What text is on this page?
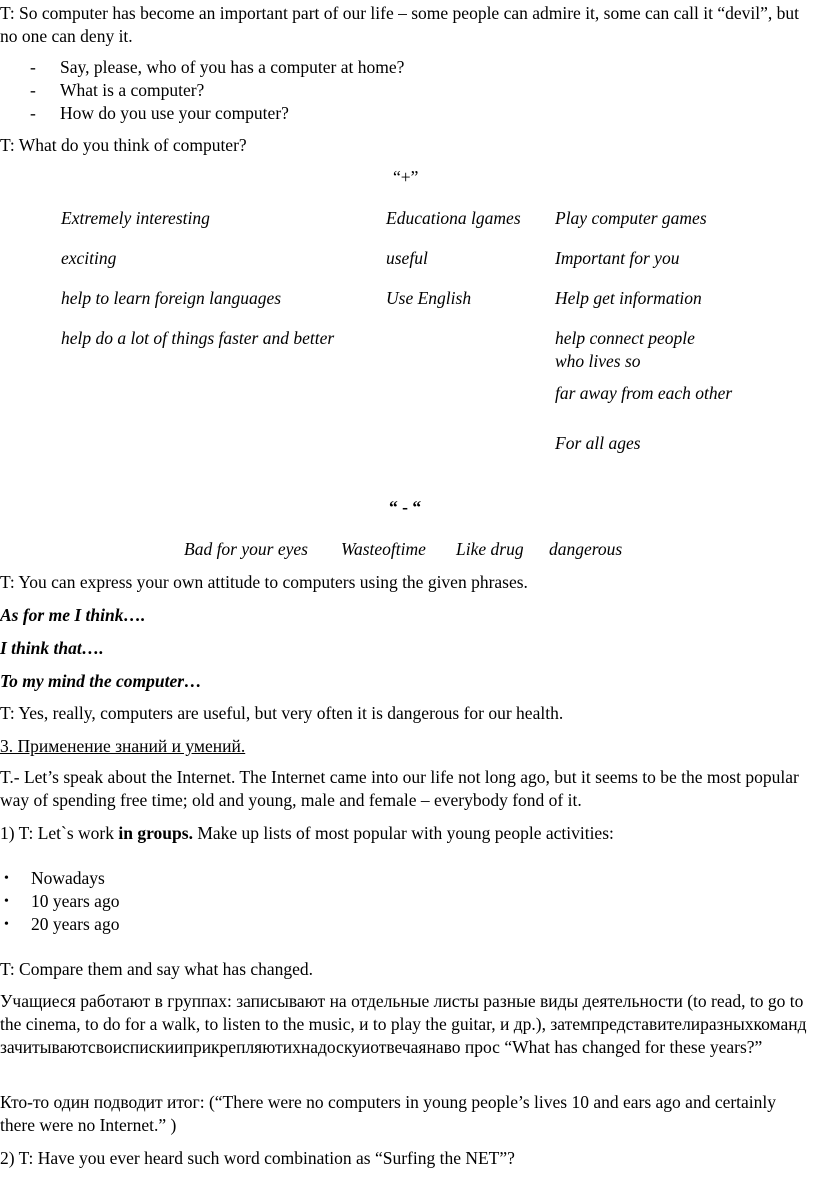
T: So computer has become an important part of our life – some people can admire it, some can call it “devil”, but no one can deny it.

- Say, please, who of you has a computer at home?
- What is a computer?
- How do you use your computer?

T: What do you think of computer?

“+”
Extremely interesting
exciting
help to learn foreign languages
help do a lot of things faster and better
Educationa lgames
useful
Use English
Play computer games
Important for you
Help get information
help connect people
who lives so
far away from each other
For all ages
“ - “
Bad for your eyes Wasteoftime Like drug dangerous

T: You can express your own attitude to computers using the given phrases.

As for me I think….

I think that….

To my mind the computer…

T: Yes, really, computers are useful, but very often it is dangerous for our health.

3. Применение знаний и умений.

T.- Let’s speak about the Internet. The Internet came into our life not long ago, but it seems to be the most popular way of spending free time; old and young, male and female – everybody fond of it.

1) T: Let`s work in groups. Make up lists of most popular with young people activities:

• Nowadays
• 10 years ago
• 20 years ago

T: Compare them and say what has changed.

Учащиеся работают в группах: записывают на отдельные листы разные виды деятельности (to read, to go to the cinema, to do for a walk, to listen to the music, и to play the guitar, и др.), затемпредставителиразныхкомандзачитываютсвоиспискииприкрепляютихнадоскуиотвечаянаво прос “What has changed for these years?”

Кто-то один подводит итог: (“There were no computers in young people’s lives 10 and ears ago and certainly there were no Internet.” )

2) T: Have you ever heard such word combination as “Surfing the NET”?
